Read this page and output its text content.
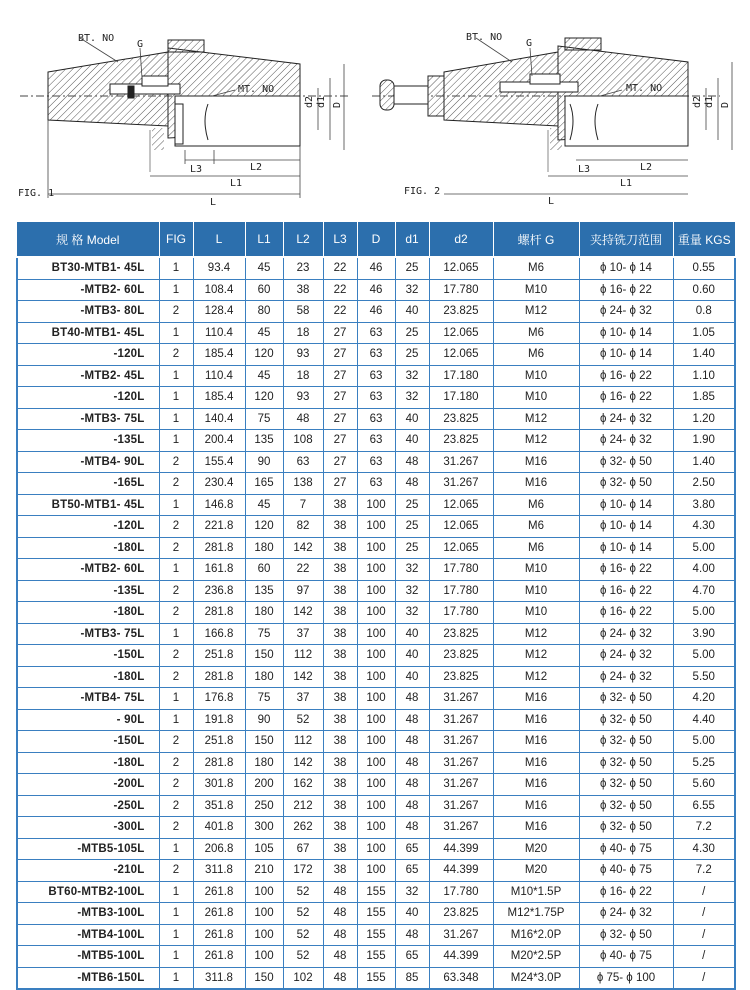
BT. NO
G
MT. NO
d2 d1 D
L3	L2
L1
L
FIG. 1
BT. NO
G
MT. NO
d2 d1 D
L3	L2
L1
L
FIG. 2
规 格 Model	FIG	L	L1	L2	L3	D	d1	d2	螺杆 G	夹持铣刀范围	重量 KGS
BT30-MTB1- 45L	1	93.4	45	23	22	46	25	12.065	M6	ϕ 10- ϕ 14	0.55
-MTB2- 60L	1	108.4	60	38	22	46	32	17.780	M10	ϕ 16- ϕ 22	0.60
-MTB3- 80L	2	128.4	80	58	22	46	40	23.825	M12	ϕ 24- ϕ 32	0.8
BT40-MTB1- 45L	1	110.4	45	18	27	63	25	12.065	M6	ϕ 10- ϕ 14	1.05
-120L	2	185.4	120	93	27	63	25	12.065	M6	ϕ 10- ϕ 14	1.40
-MTB2- 45L	1	110.4	45	18	27	63	32	17.180	M10	ϕ 16- ϕ 22	1.10
-120L	1	185.4	120	93	27	63	32	17.180	M10	ϕ 16- ϕ 22	1.85
-MTB3- 75L	1	140.4	75	48	27	63	40	23.825	M12	ϕ 24- ϕ 32	1.20
-135L	1	200.4	135	108	27	63	40	23.825	M12	ϕ 24- ϕ 32	1.90
-MTB4- 90L	2	155.4	90	63	27	63	48	31.267	M16	ϕ 32- ϕ 50	1.40
-165L	2	230.4	165	138	27	63	48	31.267	M16	ϕ 32- ϕ 50	2.50
BT50-MTB1- 45L	1	146.8	45	7	38	100	25	12.065	M6	ϕ 10- ϕ 14	3.80
-120L	2	221.8	120	82	38	100	25	12.065	M6	ϕ 10- ϕ 14	4.30
-180L	2	281.8	180	142	38	100	25	12.065	M6	ϕ 10- ϕ 14	5.00
-MTB2- 60L	1	161.8	60	22	38	100	32	17.780	M10	ϕ 16- ϕ 22	4.00
-135L	2	236.8	135	97	38	100	32	17.780	M10	ϕ 16- ϕ 22	4.70
-180L	2	281.8	180	142	38	100	32	17.780	M10	ϕ 16- ϕ 22	5.00
-MTB3- 75L	1	166.8	75	37	38	100	40	23.825	M12	ϕ 24- ϕ 32	3.90
-150L	2	251.8	150	112	38	100	40	23.825	M12	ϕ 24- ϕ 32	5.00
-180L	2	281.8	180	142	38	100	40	23.825	M12	ϕ 24- ϕ 32	5.50
-MTB4- 75L	1	176.8	75	37	38	100	48	31.267	M16	ϕ 32- ϕ 50	4.20
- 90L	1	191.8	90	52	38	100	48	31.267	M16	ϕ 32- ϕ 50	4.40
-150L	2	251.8	150	112	38	100	48	31.267	M16	ϕ 32- ϕ 50	5.00
-180L	2	281.8	180	142	38	100	48	31.267	M16	ϕ 32- ϕ 50	5.25
-200L	2	301.8	200	162	38	100	48	31.267	M16	ϕ 32- ϕ 50	5.60
-250L	2	351.8	250	212	38	100	48	31.267	M16	ϕ 32- ϕ 50	6.55
-300L	2	401.8	300	262	38	100	48	31.267	M16	ϕ 32- ϕ 50	7.2
-MTB5-105L	1	206.8	105	67	38	100	65	44.399	M20	ϕ 40- ϕ 75	4.30
-210L	2	311.8	210	172	38	100	65	44.399	M20	ϕ 40- ϕ 75	7.2
BT60-MTB2-100L	1	261.8	100	52	48	155	32	17.780	M10*1.5P	ϕ 16- ϕ 22	/
-MTB3-100L	1	261.8	100	52	48	155	40	23.825	M12*1.75P	ϕ 24- ϕ 32	/
-MTB4-100L	1	261.8	100	52	48	155	48	31.267	M16*2.0P	ϕ 32- ϕ 50	/
-MTB5-100L	1	261.8	100	52	48	155	65	44.399	M20*2.5P	ϕ 40- ϕ 75	/
-MTB6-150L	1	311.8	150	102	48	155	85	63.348	M24*3.0P	ϕ 75- ϕ 100	/
